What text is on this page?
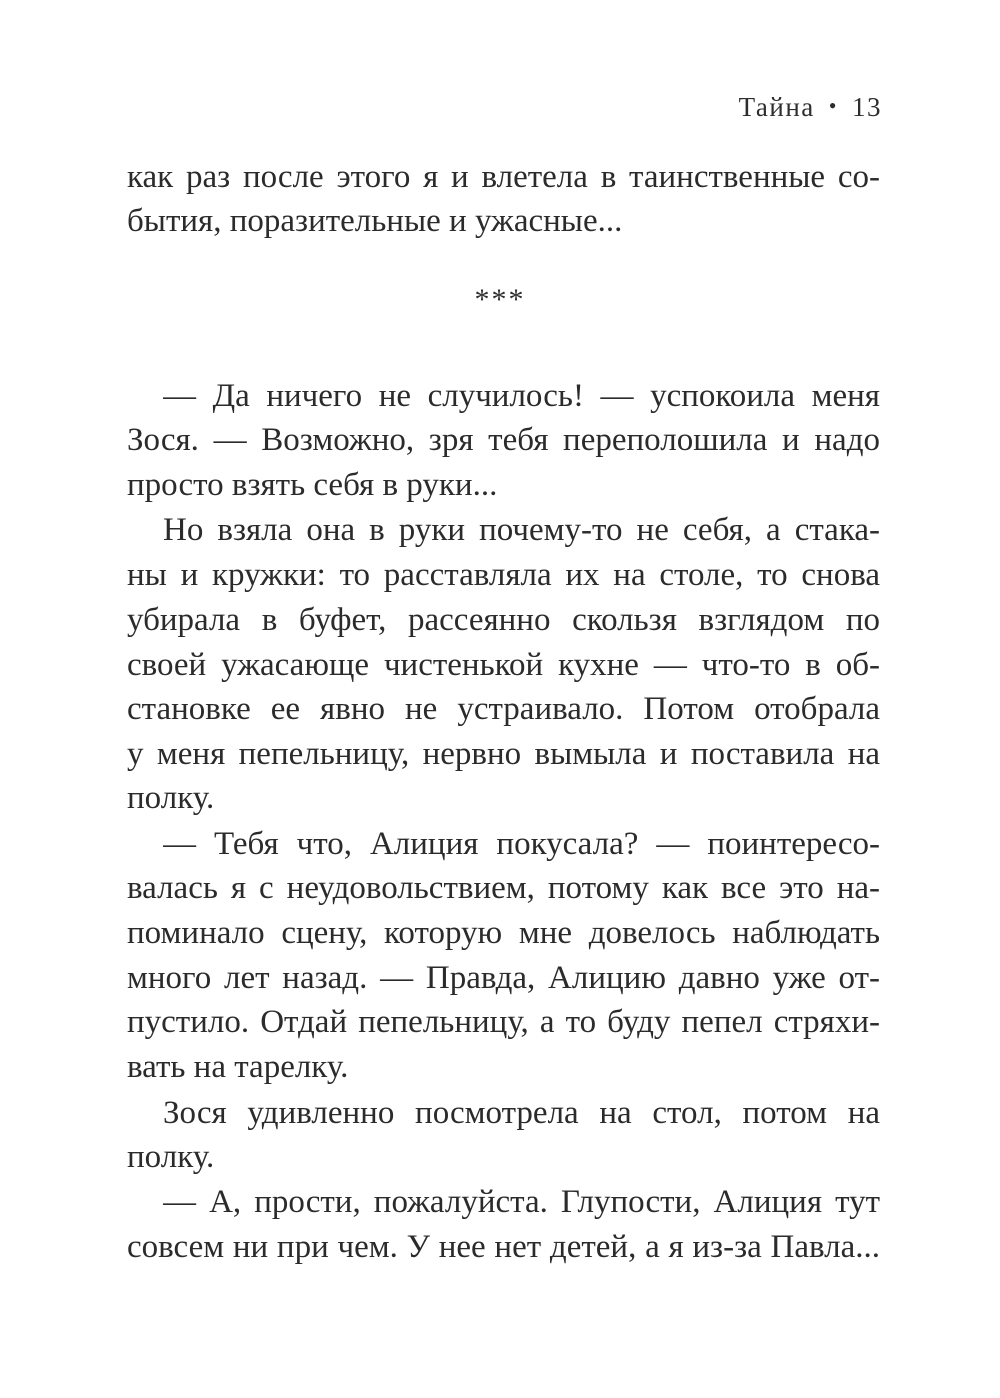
Тайна • 13
как раз после этого я и влетела в таинственные со-
бытия, поразительные и ужасные...
***
— Да ничего не случилось! — успокоила меня
Зося. — Возможно, зря тебя переполошила и надо
просто взять себя в руки...
Но взяла она в руки почему-то не себя, а стака-
ны и кружки: то расставляла их на столе, то снова
убирала в буфет, рассеянно скользя взглядом по
своей ужасающе чистенькой кухне — что-то в об-
становке ее явно не устраивало. Потом отобрала
у меня пепельницу, нервно вымыла и поставила на
полку.
— Тебя что, Алиция покусала? — поинтересо-
валась я с неудовольствием, потому как все это на-
поминало сцену, которую мне довелось наблюдать
много лет назад. — Правда, Алицию давно уже от-
пустило. Отдай пепельницу, а то буду пепел стряхи-
вать на тарелку.
Зося удивленно посмотрела на стол, потом на
полку.
— А, прости, пожалуйста. Глупости, Алиция тут
совсем ни при чем. У нее нет детей, а я из-за Павла...
